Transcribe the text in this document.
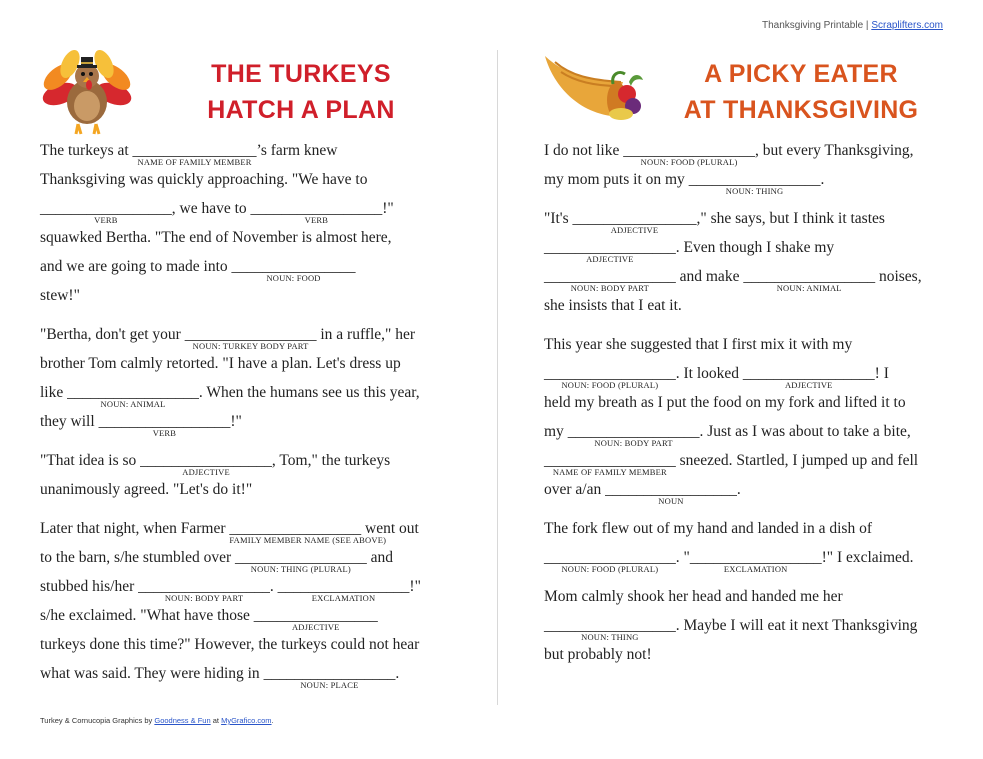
Thanksgiving Printable | Scraplifters.com
THE TURKEYS
HATCH A PLAN
A PICKY EATER
AT THANKSGIVING
The turkeys at ________________
NAME OF FAMILY MEMBER
’s farm knew
Thanksgiving was quickly approaching. "We have to
_________________
VERB
, we have to _________________
VERB
!"
squawked Bertha. "The end of November is almost here,
and we are going to made into ________________
NOUN: FOOD
stew!"
"Bertha, don't get your _________________
NOUN: TURKEY BODY PART
in a ruffle," her
brother Tom calmly retorted. "I have a plan. Let's dress up
like _________________
NOUN: ANIMAL
. When the humans see us this year,
they will _________________
VERB
!"
"That idea is so _________________
ADJECTIVE
, Tom," the turkeys
unanimously agreed. "Let's do it!"
Later that night, when Farmer _________________
FAMILY MEMBER NAME (SEE ABOVE)
went out
to the barn, s/he stumbled over _________________
NOUN: THING (PLURAL)
and
stubbed his/her _________________
NOUN: BODY PART
. _________________
EXCLAMATION
!"
s/he exclaimed. "What have those ________________
ADJECTIVE
turkeys done this time?" However, the turkeys could not hear
what was said. They were hiding in _________________
NOUN: PLACE
.
I do not like _________________
NOUN: FOOD (PLURAL)
, but every Thanksgiving,
my mom puts it on my _________________
NOUN: THING
.
"It's ________________
ADJECTIVE
," she says, but I think it tastes
_________________
ADJECTIVE
. Even though I shake my
_________________
NOUN: BODY PART
and make _________________
NOUN: ANIMAL
noises,
she insists that I eat it.
This year she suggested that I first mix it with my
_________________
NOUN: FOOD (PLURAL)
. It looked _________________
ADJECTIVE
! I
held my breath as I put the food on my fork and lifted it to
my _________________
NOUN: BODY PART
. Just as I was about to take a bite,
_________________
NAME OF FAMILY MEMBER
sneezed. Startled, I jumped up and fell
over a/an _________________
NOUN
.
The fork flew out of my hand and landed in a dish of
_________________
NOUN: FOOD (PLURAL)
. "_________________
EXCLAMATION
!" I exclaimed.
Mom calmly shook her head and handed me her
_________________
NOUN: THING
. Maybe I will eat it next Thanksgiving
but probably not!
Turkey & Cornucopia Graphics by Goodness & Fun at MyGrafico.com.
